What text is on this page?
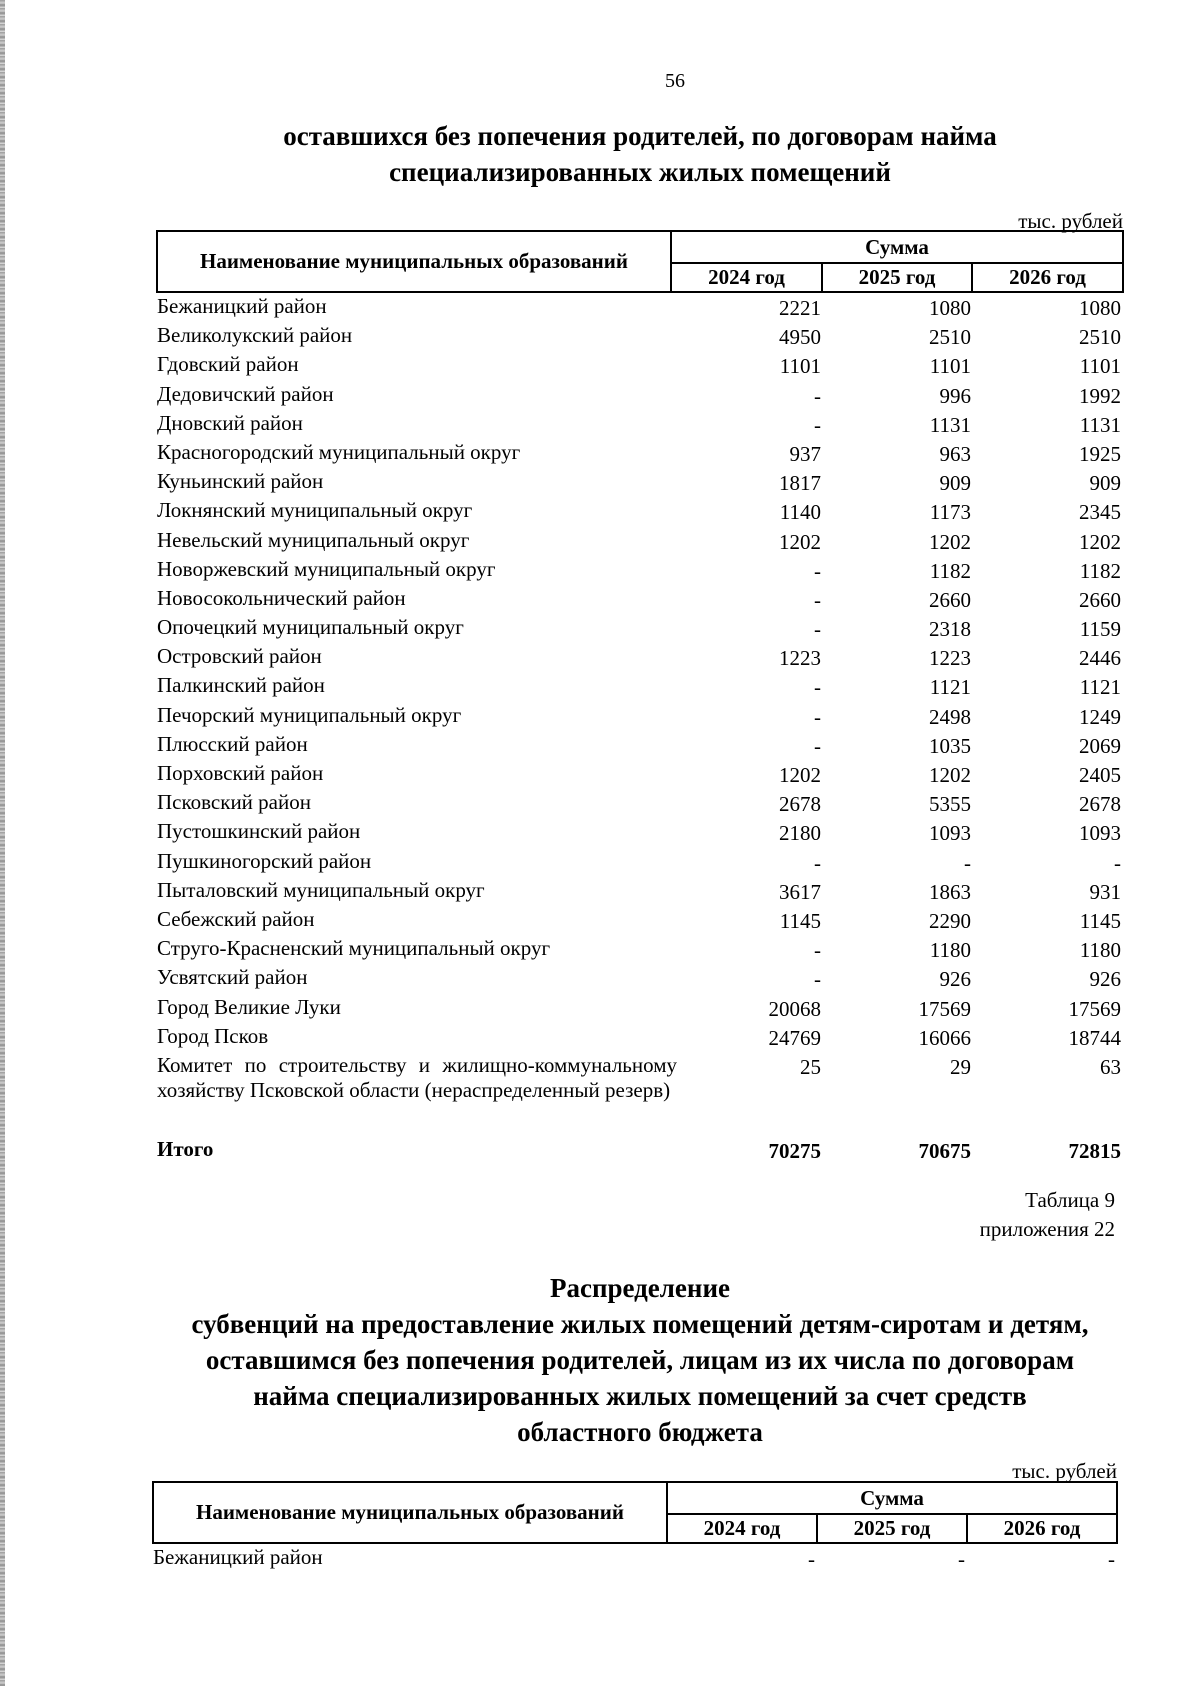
56
оставшихся без попечения родителей, по договорам найма
специализированных жилых помещений
тыс. рублей
Наименование муниципальных образований	Сумма		
	2024 год	2025 год	2026 год
Бежаницкий район	2221	1080	1080
Великолукский район	4950	2510	2510
Гдовский район	1101	1101	1101
Дедовичский район	-	996	1992
Дновский район	-	1131	1131
Красногородский муниципальный округ	937	963	1925
Куньинский район	1817	909	909
Локнянский муниципальный округ	1140	1173	2345
Невельский муниципальный округ	1202	1202	1202
Новоржевский муниципальный округ	-	1182	1182
Новосокольнический район	-	2660	2660
Опочецкий муниципальный округ	-	2318	1159
Островский район	1223	1223	2446
Палкинский район	-	1121	1121
Печорский муниципальный округ	-	2498	1249
Плюсский район	-	1035	2069
Порховский район	1202	1202	2405
Псковский район	2678	5355	2678
Пустошкинский район	2180	1093	1093
Пушкиногорский район	-	-	-
Пыталовский муниципальный округ	3617	1863	931
Себежский район	1145	2290	1145
Струго-Красненский муниципальный округ	-	1180	1180
Усвятский район	-	926	926
Город Великие Луки	20068	17569	17569
Город Псков	24769	16066	18744
Комитет по строительству и жилищно-коммунальному хозяйству Псковской области (нераспределенный резерв)
25	29	63
Итого	70275	70675	72815
Таблица 9
приложения 22
Распределение
субвенций на предоставление жилых помещений детям-сиротам и детям,
оставшимся без попечения родителей, лицам из их числа по договорам
найма специализированных жилых помещений за счет средств
областного бюджета
тыс. рублей
Наименование муниципальных образований	Сумма		
	2024 год	2025 год	2026 год
Бежаницкий район	-	-	-
